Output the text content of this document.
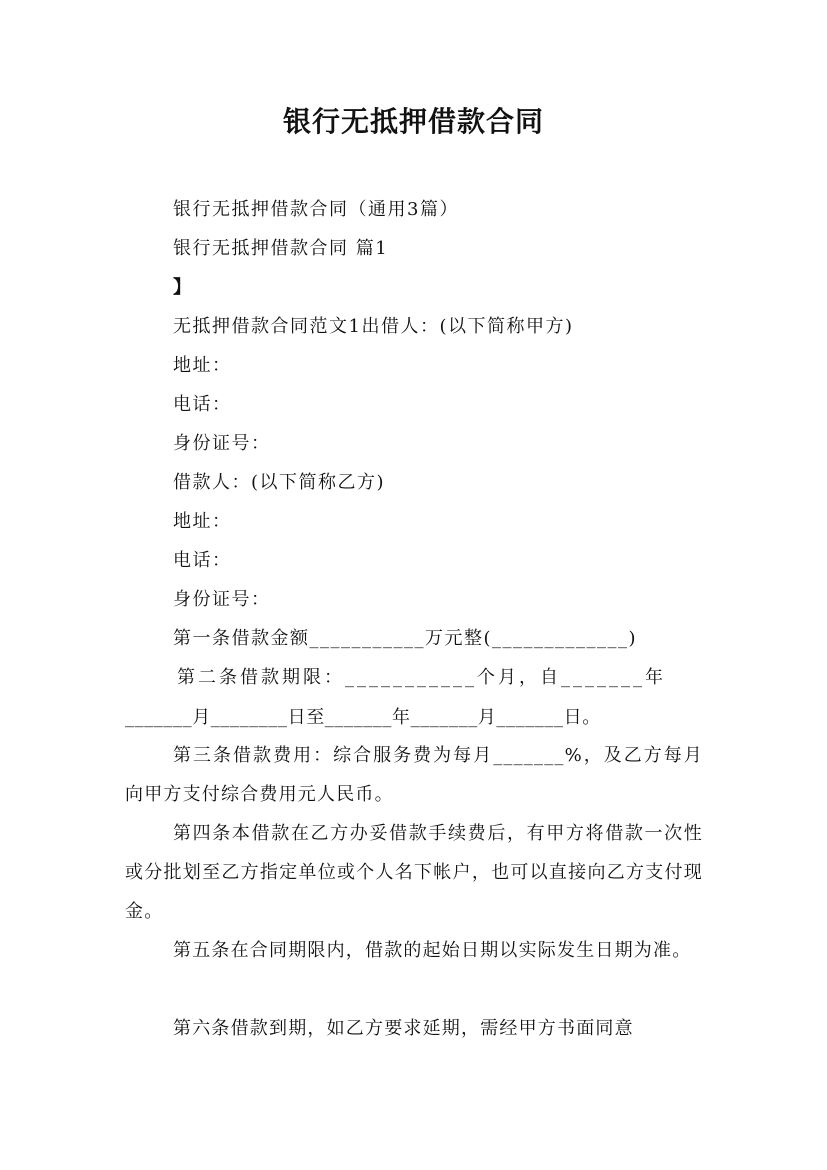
银行无抵押借款合同
银行无抵押借款合同（通用3篇）
银行无抵押借款合同 篇1
】
无抵押借款合同范文1出借人：(以下简称甲方)
地址：
电话：
身份证号：
借款人：(以下简称乙方)
地址：
电话：
身份证号：
第一条借款金额___________万元整(_____________)
第二条借款期限：___________个月，自_______年
_______月________日至_______年_______月_______日。
第三条借款费用：综合服务费为每月_______%，及乙方每月向甲方支付综合费用元人民币。
第四条本借款在乙方办妥借款手续费后，有甲方将借款一次性或分批划至乙方指定单位或个人名下帐户，也可以直接向乙方支付现金。
第五条在合同期限内，借款的起始日期以实际发生日期为准。
第六条借款到期，如乙方要求延期，需经甲方书面同意
